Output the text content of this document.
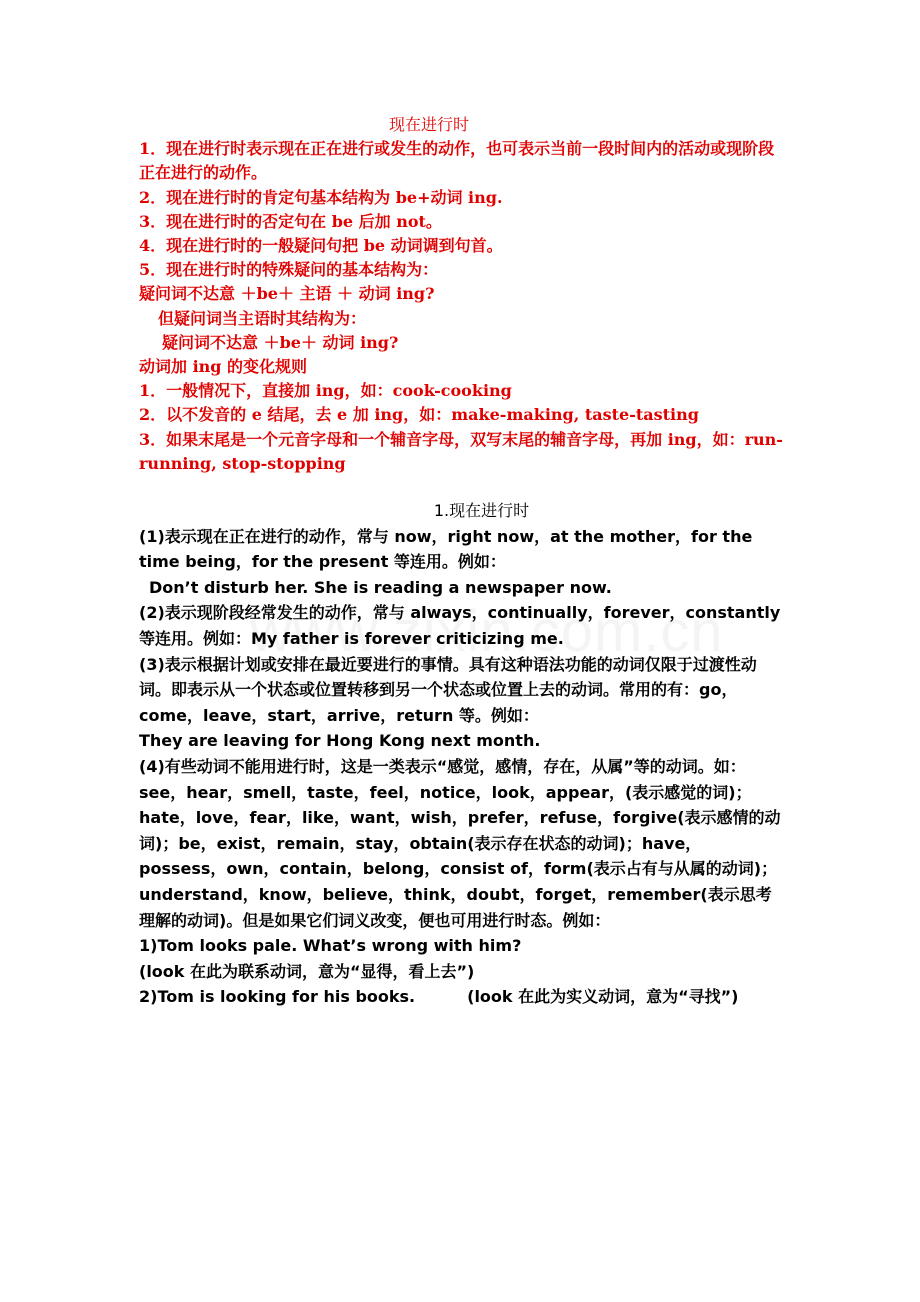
现在进行时

1．现在进行时表示现在正在进行或发生的动作，也可表示当前一段时间内的活动或现阶段正在进行的动作。

2．现在进行时的肯定句基本结构为 be+动词 ing.

3．现在进行时的否定句在 be 后加 not。

4．现在进行时的一般疑问句把 be 动词调到句首。

5．现在进行时的特殊疑问的基本结构为：

疑问词不达意 ＋be＋ 主语 ＋ 动词 ing?

但疑问词当主语时其结构为：

疑问词不达意 ＋be＋ 动词 ing?

动词加 ing 的变化规则

1．一般情况下，直接加 ing，如：cook-cooking

2．以不发音的 e 结尾，去 e 加 ing，如：make-making, taste-tasting

3．如果末尾是一个元音字母和一个辅音字母，双写末尾的辅音字母，再加 ing，如：run-running, stop-stopping

1.现在进行时

(1)表示现在正在进行的动作，常与 now，right now，at the mother，for the time being，for the present 等连用。例如：

Don’t disturb her. She is reading a newspaper now.

(2)表示现阶段经常发生的动作，常与 always，continually，forever，constantly 等连用。例如：My father is forever criticizing me.

(3)表示根据计划或安排在最近要进行的事情。具有这种语法功能的动词仅限于过渡性动词。即表示从一个状态或位置转移到另一个状态或位置上去的动词。常用的有：go，come，leave，start，arrive，return 等。例如：

They are leaving for Hong Kong next month.

(4)有些动词不能用进行时，这是一类表示“感觉，感情，存在，从属”等的动词。如：see，hear，smell，taste，feel，notice，look，appear，(表示感觉的词)；hate，love，fear，like，want，wish，prefer，refuse，forgive(表示感情的动词)；be，exist，remain，stay，obtain(表示存在状态的动词)；have，possess，own，contain，belong，consist of，form(表示占有与从属的动词)；understand，know，believe，think，doubt，forget，remember(表示思考理解的动词)。但是如果它们词义改变，便也可用进行时态。例如：

1)Tom looks pale. What’s wrong with him?

(look 在此为联系动词，意为“显得，看上去”)

2)Tom is looking for his books.	(look 在此为实义动词，意为“寻找”)
